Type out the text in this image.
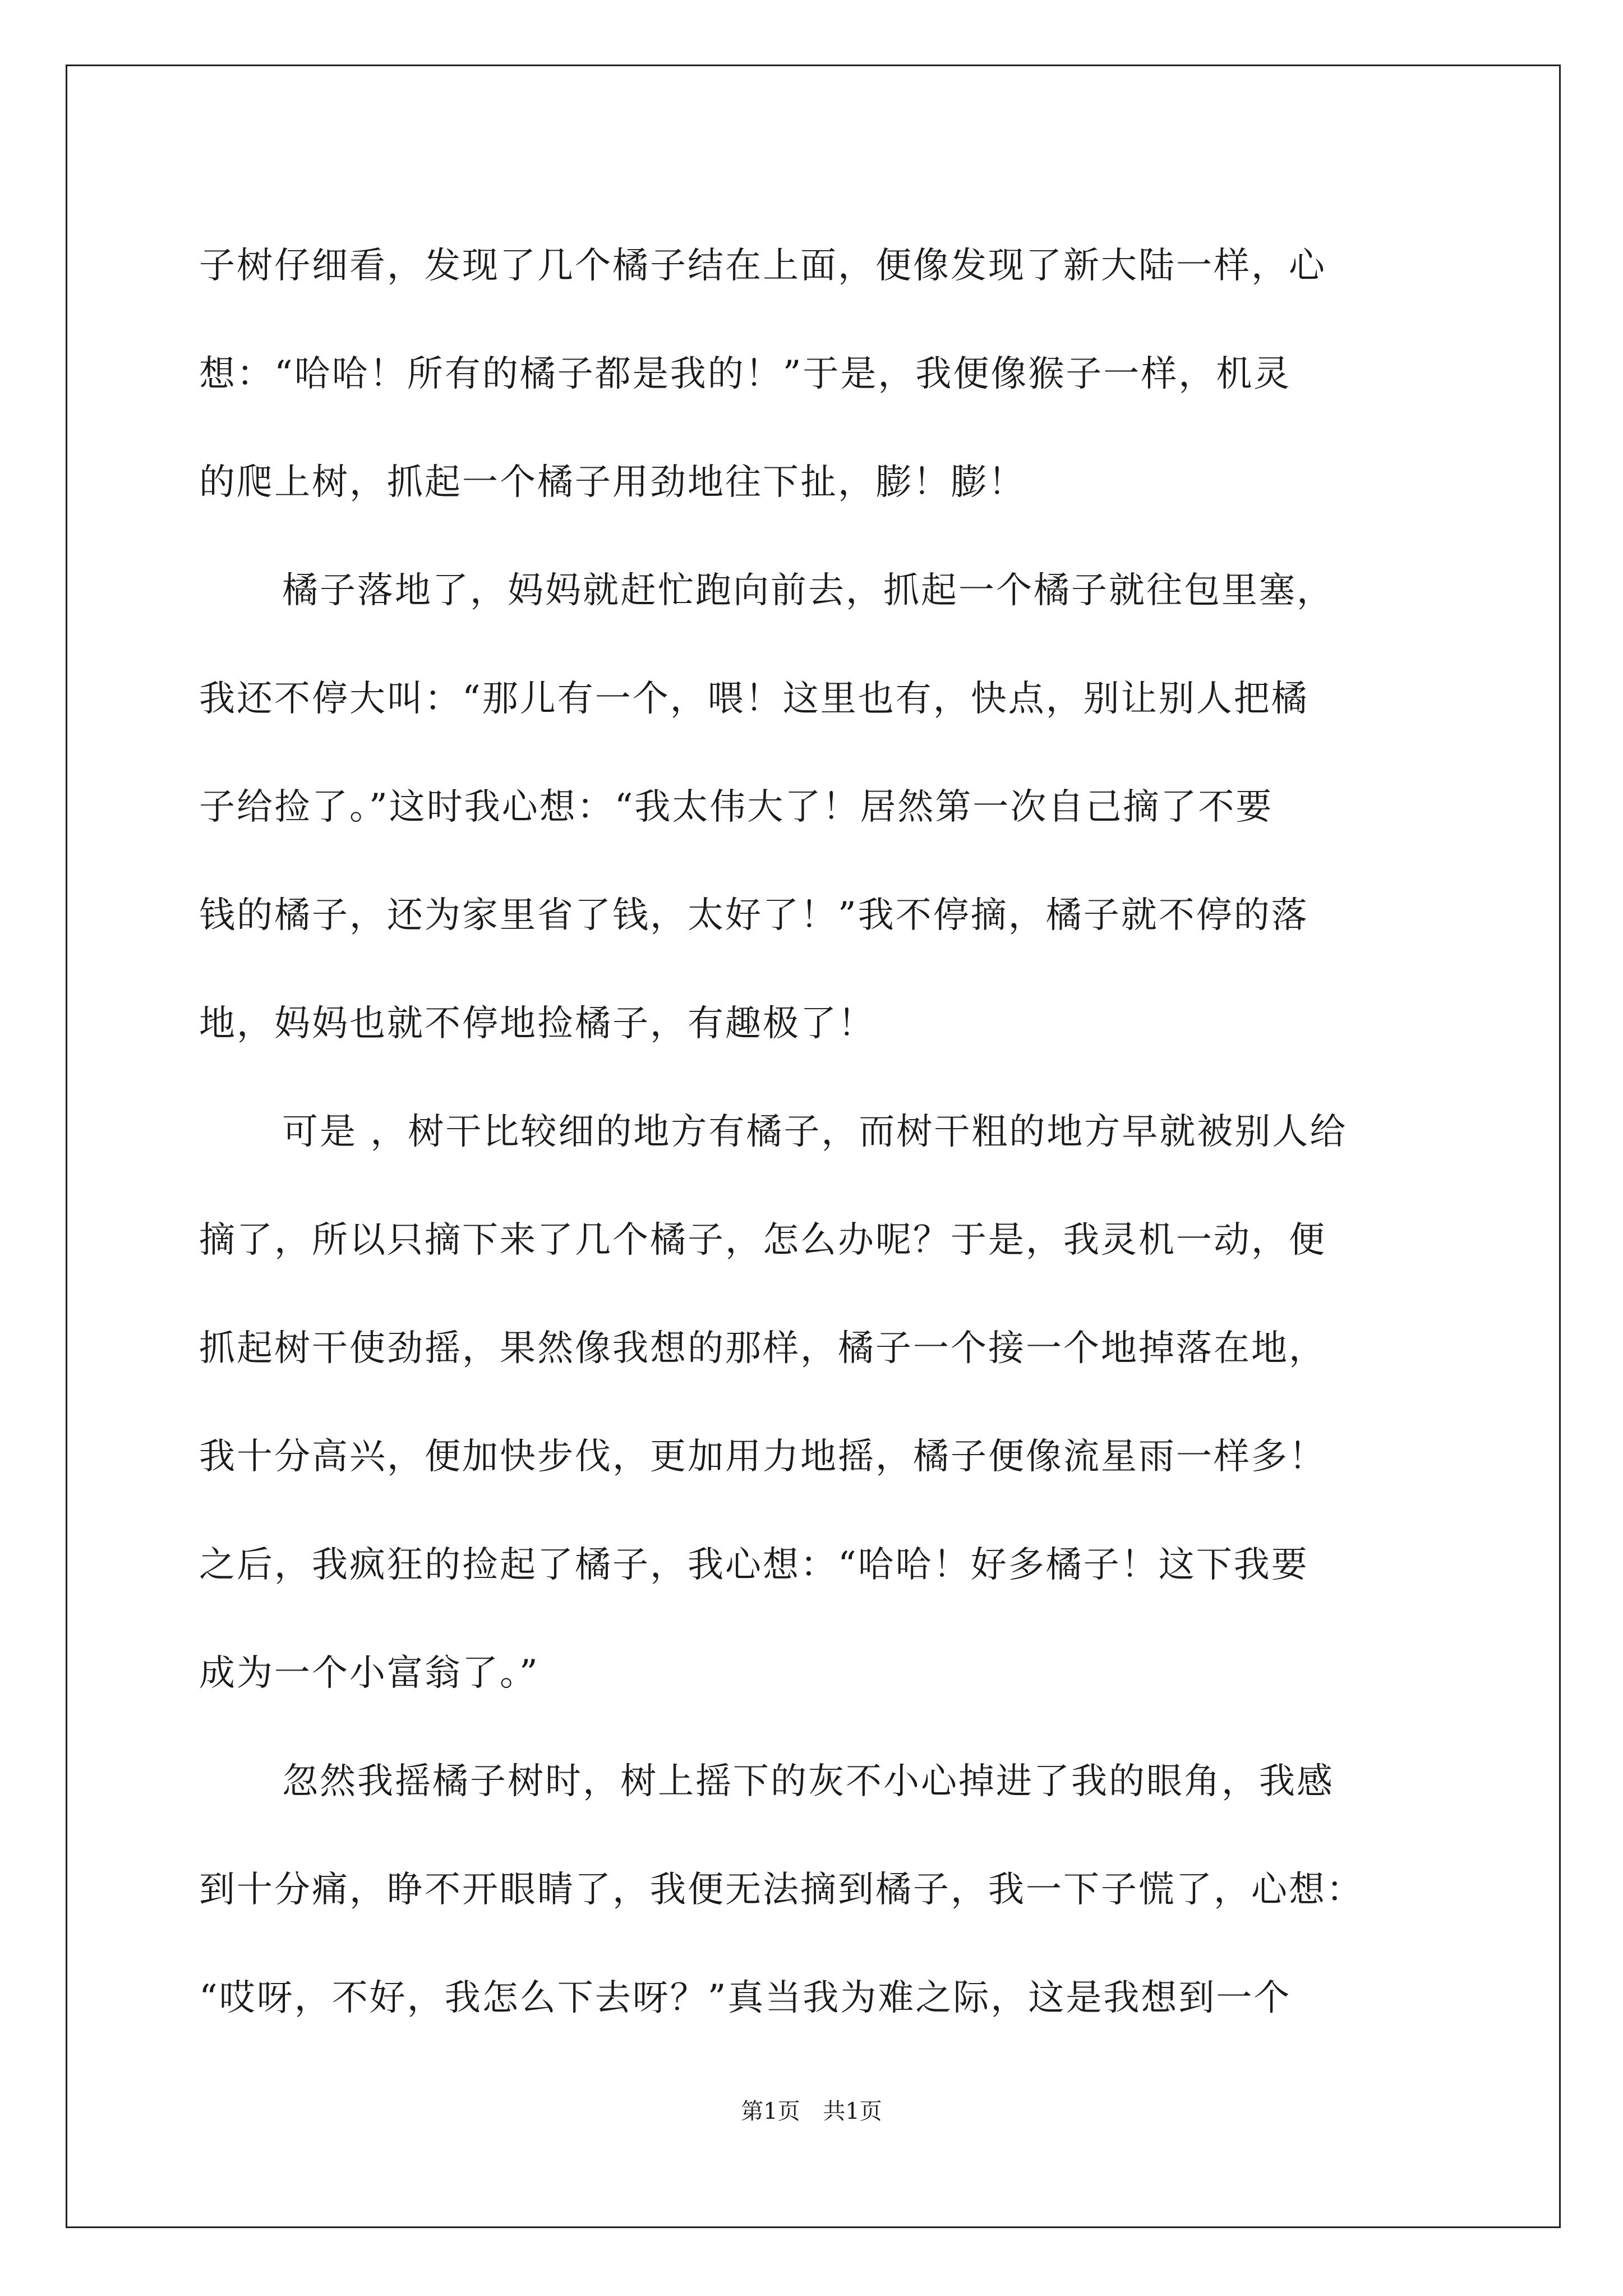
子树仔细看，发现了几个橘子结在上面，便像发现了新大陆一样，心
想：“哈哈！所有的橘子都是我的！”于是，我便像猴子一样，机灵
的爬上树，抓起一个橘子用劲地往下扯，膨！膨！
橘子落地了，妈妈就赶忙跑向前去，抓起一个橘子就往包里塞，
我还不停大叫：“那儿有一个，喂！这里也有，快点，别让别人把橘
子给捡了。”这时我心想：“我太伟大了！居然第一次自己摘了不要
钱的橘子，还为家里省了钱，太好了！”我不停摘，橘子就不停的落
地，妈妈也就不停地捡橘子，有趣极了！
可是 ，树干比较细的地方有橘子，而树干粗的地方早就被别人给
摘了，所以只摘下来了几个橘子，怎么办呢？于是，我灵机一动，便
抓起树干使劲摇，果然像我想的那样，橘子一个接一个地掉落在地，
我十分高兴，便加快步伐，更加用力地摇，橘子便像流星雨一样多！
之后，我疯狂的捡起了橘子，我心想：“哈哈！好多橘子！这下我要
成为一个小富翁了。”
忽然我摇橘子树时，树上摇下的灰不小心掉进了我的眼角，我感
到十分痛，睁不开眼睛了，我便无法摘到橘子，我一下子慌了，心想：
“哎呀，不好，我怎么下去呀？”真当我为难之际，这是我想到一个
第1页 共1页
